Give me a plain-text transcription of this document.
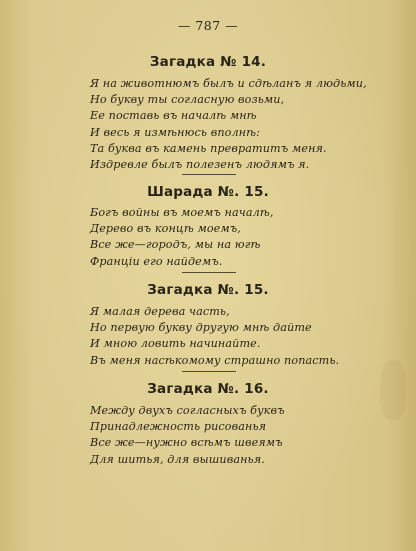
— 787 —
Загадка № 14.
Я на животнюмъ былъ и сдѣланъ я людьми,
Но букву ты согласную возьми,
Ее поставь въ началѣ мнѣ
И весь я измѣнюсь вполнѣ:
Та буква въ камень превратитъ меня.
Издревле былъ полезенъ людямъ я.
Шарада №. 15.
Богъ войны въ моемъ началѣ,
Дерево въ концѣ моемъ,
Все же—городъ, мы на югѣ
Франціи его найдемъ.
Загадка №. 15.
Я малая дерева часть,
Но первую букву другую мнѣ дайте
И мною ловить начинайте.
Въ меня насѣкомому страшно попасть.
Загадка №. 16.
Между двухъ согласныхъ буквъ
Принадлежность рисованья
Все же—нужно всѣмъ швеямъ
Для шитья, для вышиванья.
